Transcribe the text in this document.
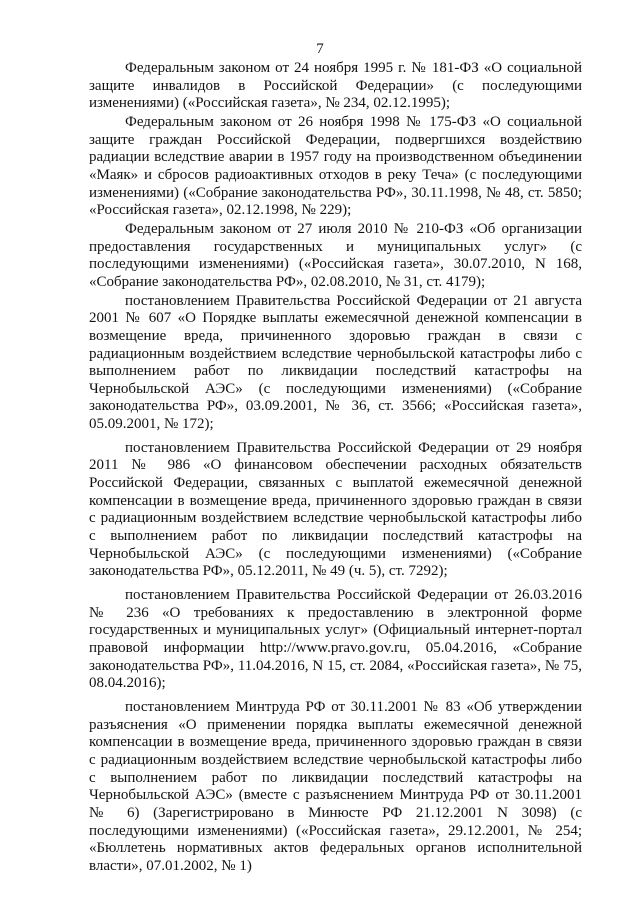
7

Федеральным законом от 24 ноября 1995 г. № 181-ФЗ «О социальной защите инвалидов в Российской Федерации» (с последующими изменениями) («Российская газета», № 234, 02.12.1995);

Федеральным законом от 26 ноября 1998 № 175-ФЗ «О социальной защите граждан Российской Федерации, подвергшихся воздействию радиации вследствие аварии в 1957 году на производственном объединении «Маяк» и сбросов радиоактивных отходов в реку Теча» (с последующими изменениями) («Собрание законодательства РФ», 30.11.1998, № 48, ст. 5850; «Российская газета», 02.12.1998, № 229);

Федеральным законом от 27 июля 2010 № 210-ФЗ «Об организации предоставления государственных и муниципальных услуг» (с последующими изменениями) («Российская газета», 30.07.2010, N 168, «Собрание законодательства РФ», 02.08.2010, № 31, ст. 4179);

постановлением Правительства Российской Федерации от 21 августа 2001 № 607 «О Порядке выплаты ежемесячной денежной компенсации в возмещение вреда, причиненного здоровью граждан в связи с радиационным воздействием вследствие чернобыльской катастрофы либо с выполнением работ по ликвидации последствий катастрофы на Чернобыльской АЭС» (с последующими изменениями) («Собрание законодательства РФ», 03.09.2001, № 36, ст. 3566; «Российская газета», 05.09.2001, № 172);

постановлением Правительства Российской Федерации от 29 ноября 2011 № 986 «О финансовом обеспечении расходных обязательств Российской Федерации, связанных с выплатой ежемесячной денежной компенсации в возмещение вреда, причиненного здоровью граждан в связи с радиационным воздействием вследствие чернобыльской катастрофы либо с выполнением работ по ликвидации последствий катастрофы на Чернобыльской АЭС» (с последующими изменениями) («Собрание законодательства РФ», 05.12.2011, № 49 (ч. 5), ст. 7292);

постановлением Правительства Российской Федерации от 26.03.2016 № 236 «О требованиях к предоставлению в электронной форме государственных и муниципальных услуг» (Официальный интернет-портал правовой информации http://www.pravo.gov.ru, 05.04.2016, «Собрание законодательства РФ», 11.04.2016, N 15, ст. 2084, «Российская газета», № 75, 08.04.2016);

постановлением Минтруда РФ от 30.11.2001 № 83 «Об утверждении разъяснения «О применении порядка выплаты ежемесячной денежной компенсации в возмещение вреда, причиненного здоровью граждан в связи с радиационным воздействием вследствие чернобыльской катастрофы либо с выполнением работ по ликвидации последствий катастрофы на Чернобыльской АЭС» (вместе с разъяснением Минтруда РФ от 30.11.2001 № 6) (Зарегистрировано в Минюсте РФ 21.12.2001 N 3098) (с последующими изменениями) («Российская газета», 29.12.2001, № 254; «Бюллетень нормативных актов федеральных органов исполнительной власти», 07.01.2002, № 1)
